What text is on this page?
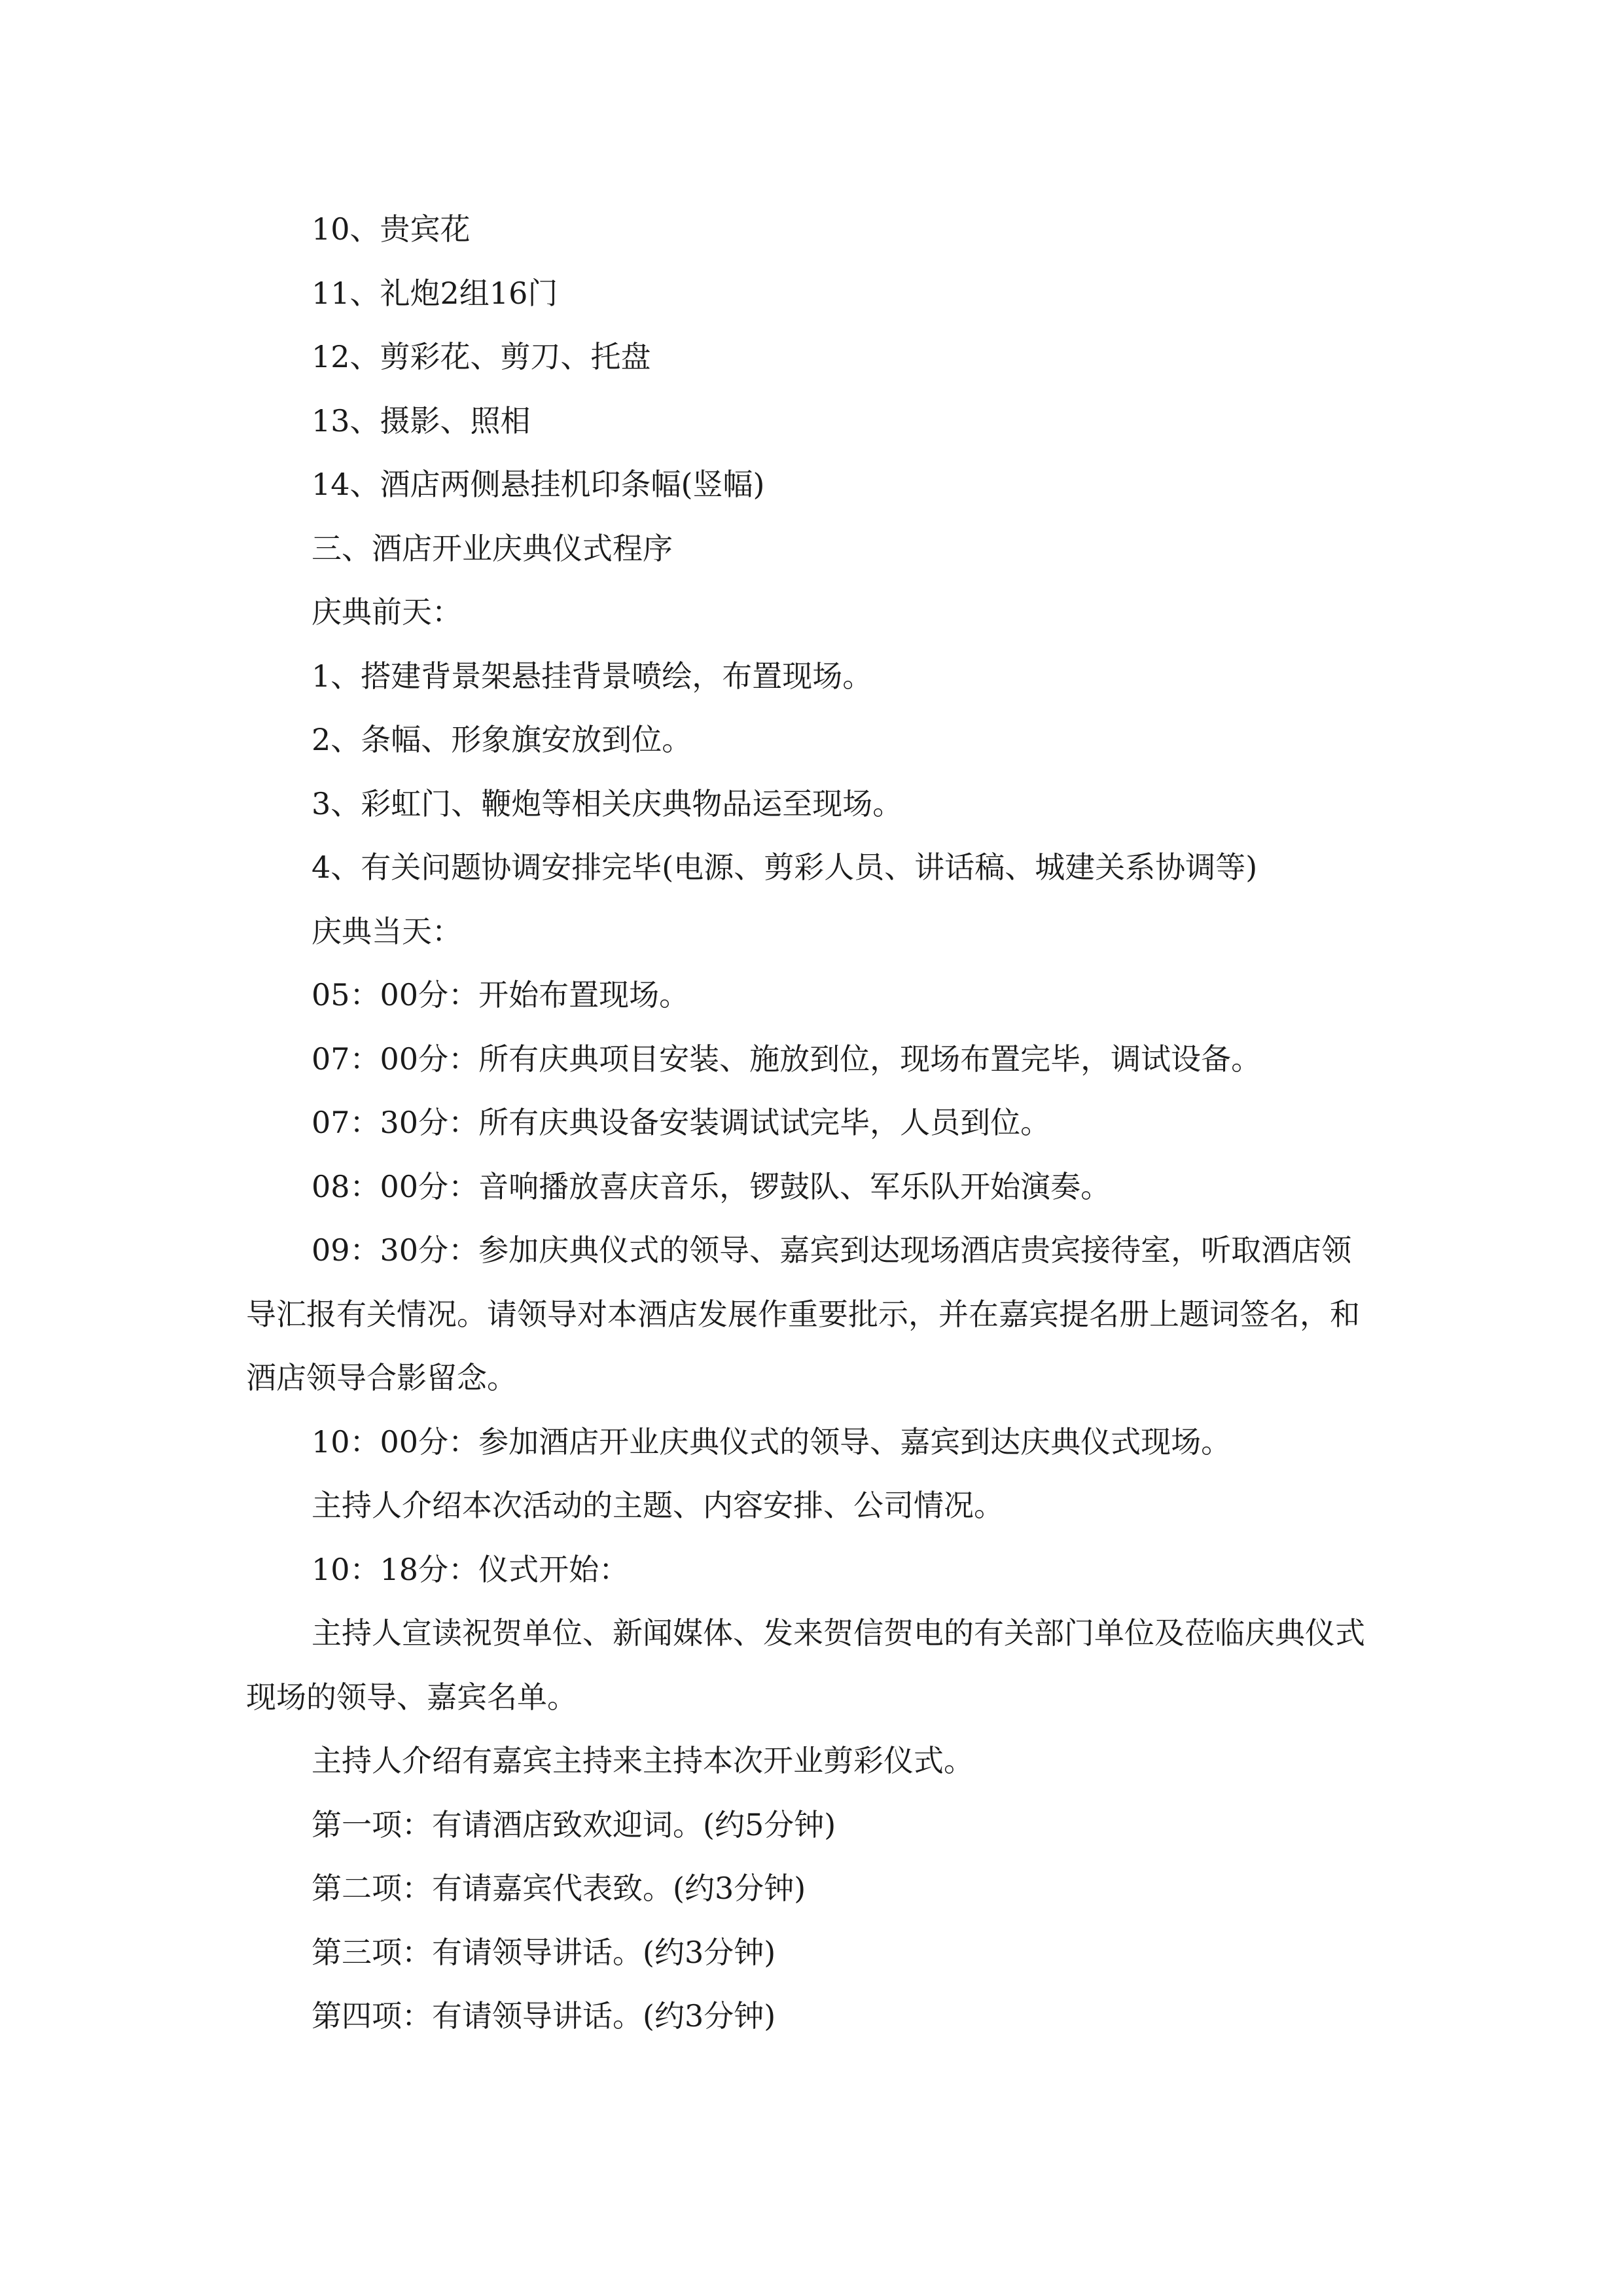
10、贵宾花

11、礼炮2组16门

12、剪彩花、剪刀、托盘

13、摄影、照相

14、酒店两侧悬挂机印条幅(竖幅)

三、酒店开业庆典仪式程序

庆典前天：

1、搭建背景架悬挂背景喷绘，布置现场。

2、条幅、形象旗安放到位。

3、彩虹门、鞭炮等相关庆典物品运至现场。

4、有关问题协调安排完毕(电源、剪彩人员、讲话稿、城建关系协调等)

庆典当天：

05：00分：开始布置现场。

07：00分：所有庆典项目安装、施放到位，现场布置完毕，调试设备。

07：30分：所有庆典设备安装调试试完毕，人员到位。

08：00分：音响播放喜庆音乐，锣鼓队、军乐队开始演奏。

09：30分：参加庆典仪式的领导、嘉宾到达现场酒店贵宾接待室，听取酒店领导汇报有关情况。请领导对本酒店发展作重要批示，并在嘉宾提名册上题词签名，和酒店领导合影留念。

10：00分：参加酒店开业庆典仪式的领导、嘉宾到达庆典仪式现场。

主持人介绍本次活动的主题、内容安排、公司情况。

10：18分：仪式开始：

主持人宣读祝贺单位、新闻媒体、发来贺信贺电的有关部门单位及莅临庆典仪式现场的领导、嘉宾名单。

主持人介绍有嘉宾主持来主持本次开业剪彩仪式。

第一项：有请酒店致欢迎词。(约5分钟)

第二项：有请嘉宾代表致。(约3分钟)

第三项：有请领导讲话。(约3分钟)

第四项：有请领导讲话。(约3分钟)
